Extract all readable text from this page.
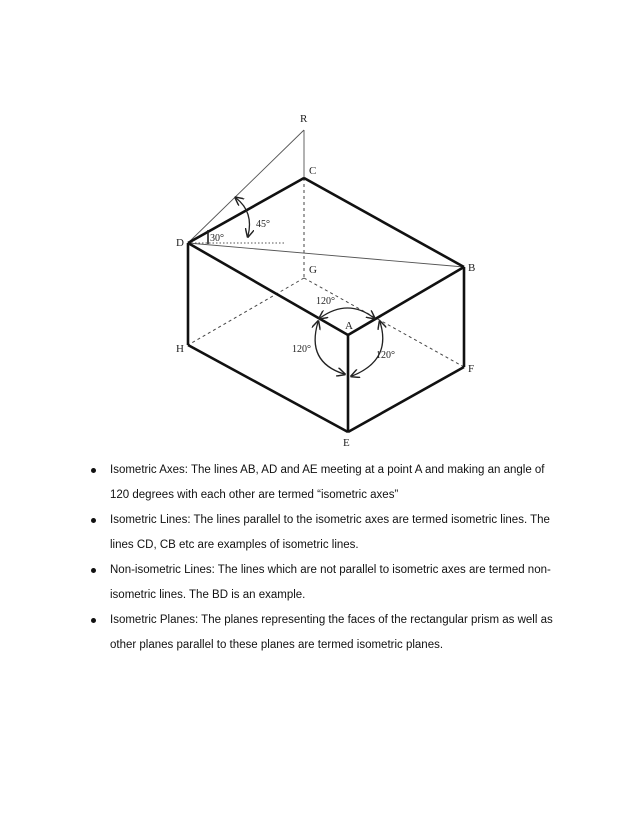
R
C
D
G	B
A
H
F
E
30°
45°
120°
120°
120°
Isometric Axes: The lines AB, AD and AE meeting at a point A and making an angle of
120 degrees with each other are termed “isometric axes”
Isometric Lines: The lines parallel to the isometric axes are termed isometric lines. The
lines CD, CB etc are examples of isometric lines.
Non-isometric Lines: The lines which are not parallel to isometric axes are termed non-
isometric lines. The BD is an example.
Isometric Planes: The planes representing the faces of the rectangular prism as well as
other planes parallel to these planes are termed isometric planes.
